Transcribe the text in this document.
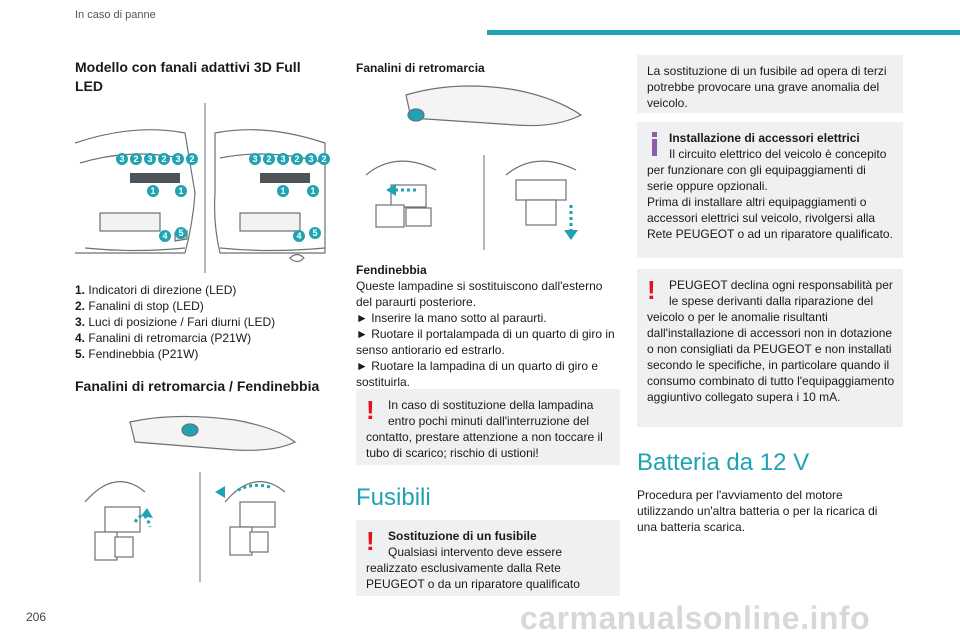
In caso di panne
Modello con fanali adattivi 3D Full LED
3 2 3 2 3 2
1	1
4 5
3 2 3 2 3 2
1	1
4 5
1. Indicatori di direzione (LED)
2. Fanalini di stop (LED)
3. Luci di posizione / Fari diurni (LED)
4. Fanalini di retromarcia (P21W)
5. Fendinebbia (P21W)
Fanalini di retromarcia / Fendinebbia
Fanalini di retromarcia
Fendinebbia
Queste lampadine si sostituiscono dall'esterno del paraurti posteriore.
► Inserire la mano sotto al paraurti.
► Ruotare il portalampada di un quarto di giro in senso antiorario ed estrarlo.
► Ruotare la lampadina di un quarto di giro e sostituirla.
!	In caso di sostituzione della lampadina entro pochi minuti dall'interruzione del contatto, prestare attenzione a non toccare il tubo di scarico; rischio di ustioni!
Fusibili
!	Sostituzione di un fusibile
Qualsiasi intervento deve essere realizzato esclusivamente dalla Rete PEUGEOT o da un riparatore qualificato
La sostituzione di un fusibile ad opera di terzi potrebbe provocare una grave anomalia del veicolo.
Installazione di accessori elettrici
Il circuito elettrico del veicolo è concepito per funzionare con gli equipaggiamenti di serie oppure opzionali.
Prima di installare altri equipaggiamenti o accessori elettrici sul veicolo, rivolgersi alla Rete PEUGEOT o ad un riparatore qualificato.
!	PEUGEOT declina ogni responsabilità per le spese derivanti dalla riparazione del veicolo o per le anomalie risultanti dall'installazione di accessori non in dotazione o non consigliati da PEUGEOT e non installati secondo le specifiche, in particolare quando il consumo combinato di tutto l'equipaggiamento aggiuntivo collegato supera i 10 mA.
Batteria da 12 V
Procedura per l'avviamento del motore utilizzando un'altra batteria o per la ricarica di una batteria scarica.
206	carmanualsonline.info
